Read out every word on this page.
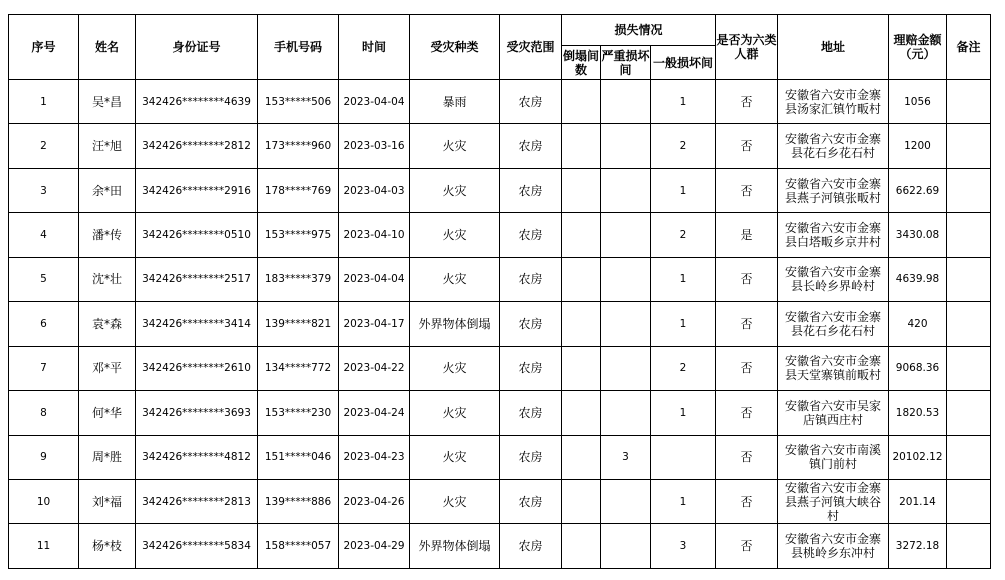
序号	姓名	身份证号	手机号码	时间	受灾种类	受灾范围	损失情况			是否为六类人群	地址	理赔金额（元）	备注
							倒塌间数	严重损坏间	一般损坏间				
1	吴*昌	342426********4639	153*****506	2023-04-04	暴雨	农房			1	否	安徽省六安市金寨县汤家汇镇竹畈村	1056	
2	汪*旭	342426********2812	173*****960	2023-03-16	火灾	农房			2	否	安徽省六安市金寨县花石乡花石村	1200	
3	余*田	342426********2916	178*****769	2023-04-03	火灾	农房			1	否	安徽省六安市金寨县燕子河镇张畈村	6622.69	
4	潘*传	342426********0510	153*****975	2023-04-10	火灾	农房			2	是	安徽省六安市金寨县白塔畈乡京井村	3430.08	
5	沈*壮	342426********2517	183*****379	2023-04-04	火灾	农房			1	否	安徽省六安市金寨县长岭乡界岭村	4639.98	
6	袁*森	342426********3414	139*****821	2023-04-17	外界物体倒塌	农房			1	否	安徽省六安市金寨县花石乡花石村	420	
7	邓*平	342426********2610	134*****772	2023-04-22	火灾	农房			2	否	安徽省六安市金寨县天堂寨镇前畈村	9068.36	
8	何*华	342426********3693	153*****230	2023-04-24	火灾	农房			1	否	安徽省六安市吴家店镇西庄村	1820.53	
9	周*胜	342426********4812	151*****046	2023-04-23	火灾	农房		3		否	安徽省六安市南溪镇门前村	20102.12	
10	刘*福	342426********2813	139*****886	2023-04-26	火灾	农房			1	否	安徽省六安市金寨县燕子河镇大峡谷村	201.14	
11	杨*枝	342426********5834	158*****057	2023-04-29	外界物体倒塌	农房			3	否	安徽省六安市金寨县桃岭乡东冲村	3272.18	
